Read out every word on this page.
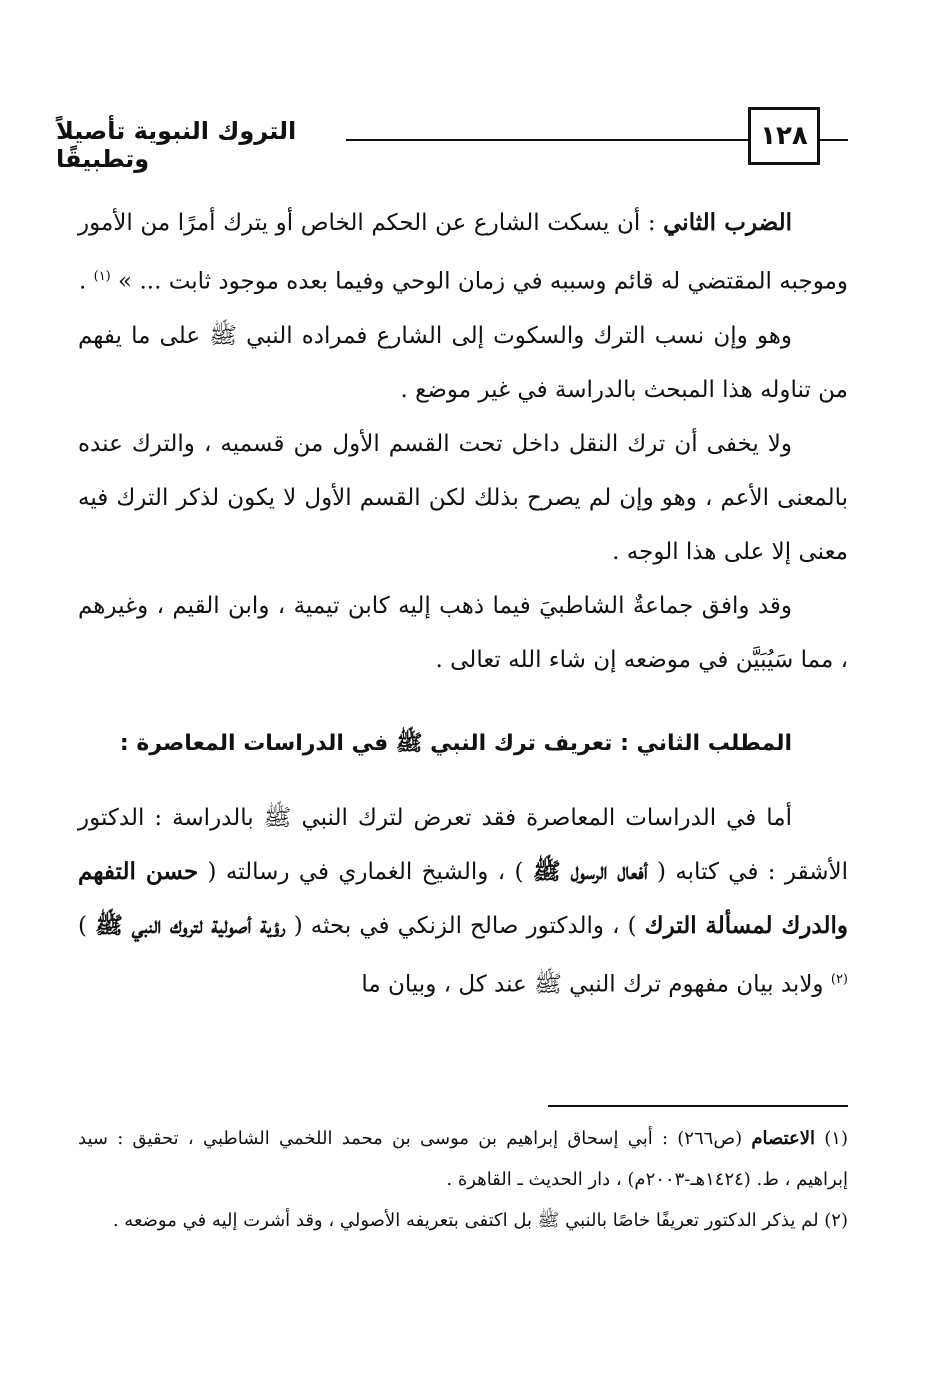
التروك النبوية تأصيلاً وتطبيقًا
١٢٨

الضرب الثاني : أن يسكت الشارع عن الحكم الخاص أو يترك أمرًا من الأمور وموجبه المقتضي له قائم وسببه في زمان الوحي وفيما بعده موجود ثابت ... » $^{(١)}$ .

وهو وإن نسب الترك والسكوت إلى الشارع فمراده النبي ﷺ على ما يفهم من تناوله هذا المبحث بالدراسة في غير موضع .

ولا يخفى أن ترك النقل داخل تحت القسم الأول من قسميه ، والترك عنده بالمعنى الأعم ، وهو وإن لم يصرح بذلك لكن القسم الأول لا يكون لذكر الترك فيه معنى إلا على هذا الوجه .

وقد وافق جماعةٌ الشاطبيَ فيما ذهب إليه كابن تيمية ، وابن القيم ، وغيرهم ، مما سَيُبَيَّن في موضعه إن شاء الله تعالى .

المطلب الثاني : تعريف ترك النبي ﷺ في الدراسات المعاصرة :

أما في الدراسات المعاصرة فقد تعرض لترك النبي ﷺ بالدراسة : الدكتور الأشقر : في كتابه ( أفعال الرسول ﷺ ) ، والشيخ الغماري في رسالته ( حسن التفهم والدرك لمسألة الترك ) ، والدكتور صالح الزنكي في بحثه ( رؤية أصولية لتروك النبي ﷺ ) $^{(٢)}$ ولابد بيان مفهوم ترك النبي ﷺ عند كل ، وبيان ما

(١) الاعتصام (ص٢٦٦) : أبي إسحاق إبراهيم بن موسى بن محمد اللخمي الشاطبي ، تحقيق : سيد إبراهيم ، ط. (١٤٢٤هـ-٢٠٠٣م) ، دار الحديث ـ القاهرة .

(٢) لم يذكر الدكتور تعريفًا خاصًا بالنبي ﷺ بل اكتفى بتعريفه الأصولي ، وقد أشرت إليه في موضعه .
